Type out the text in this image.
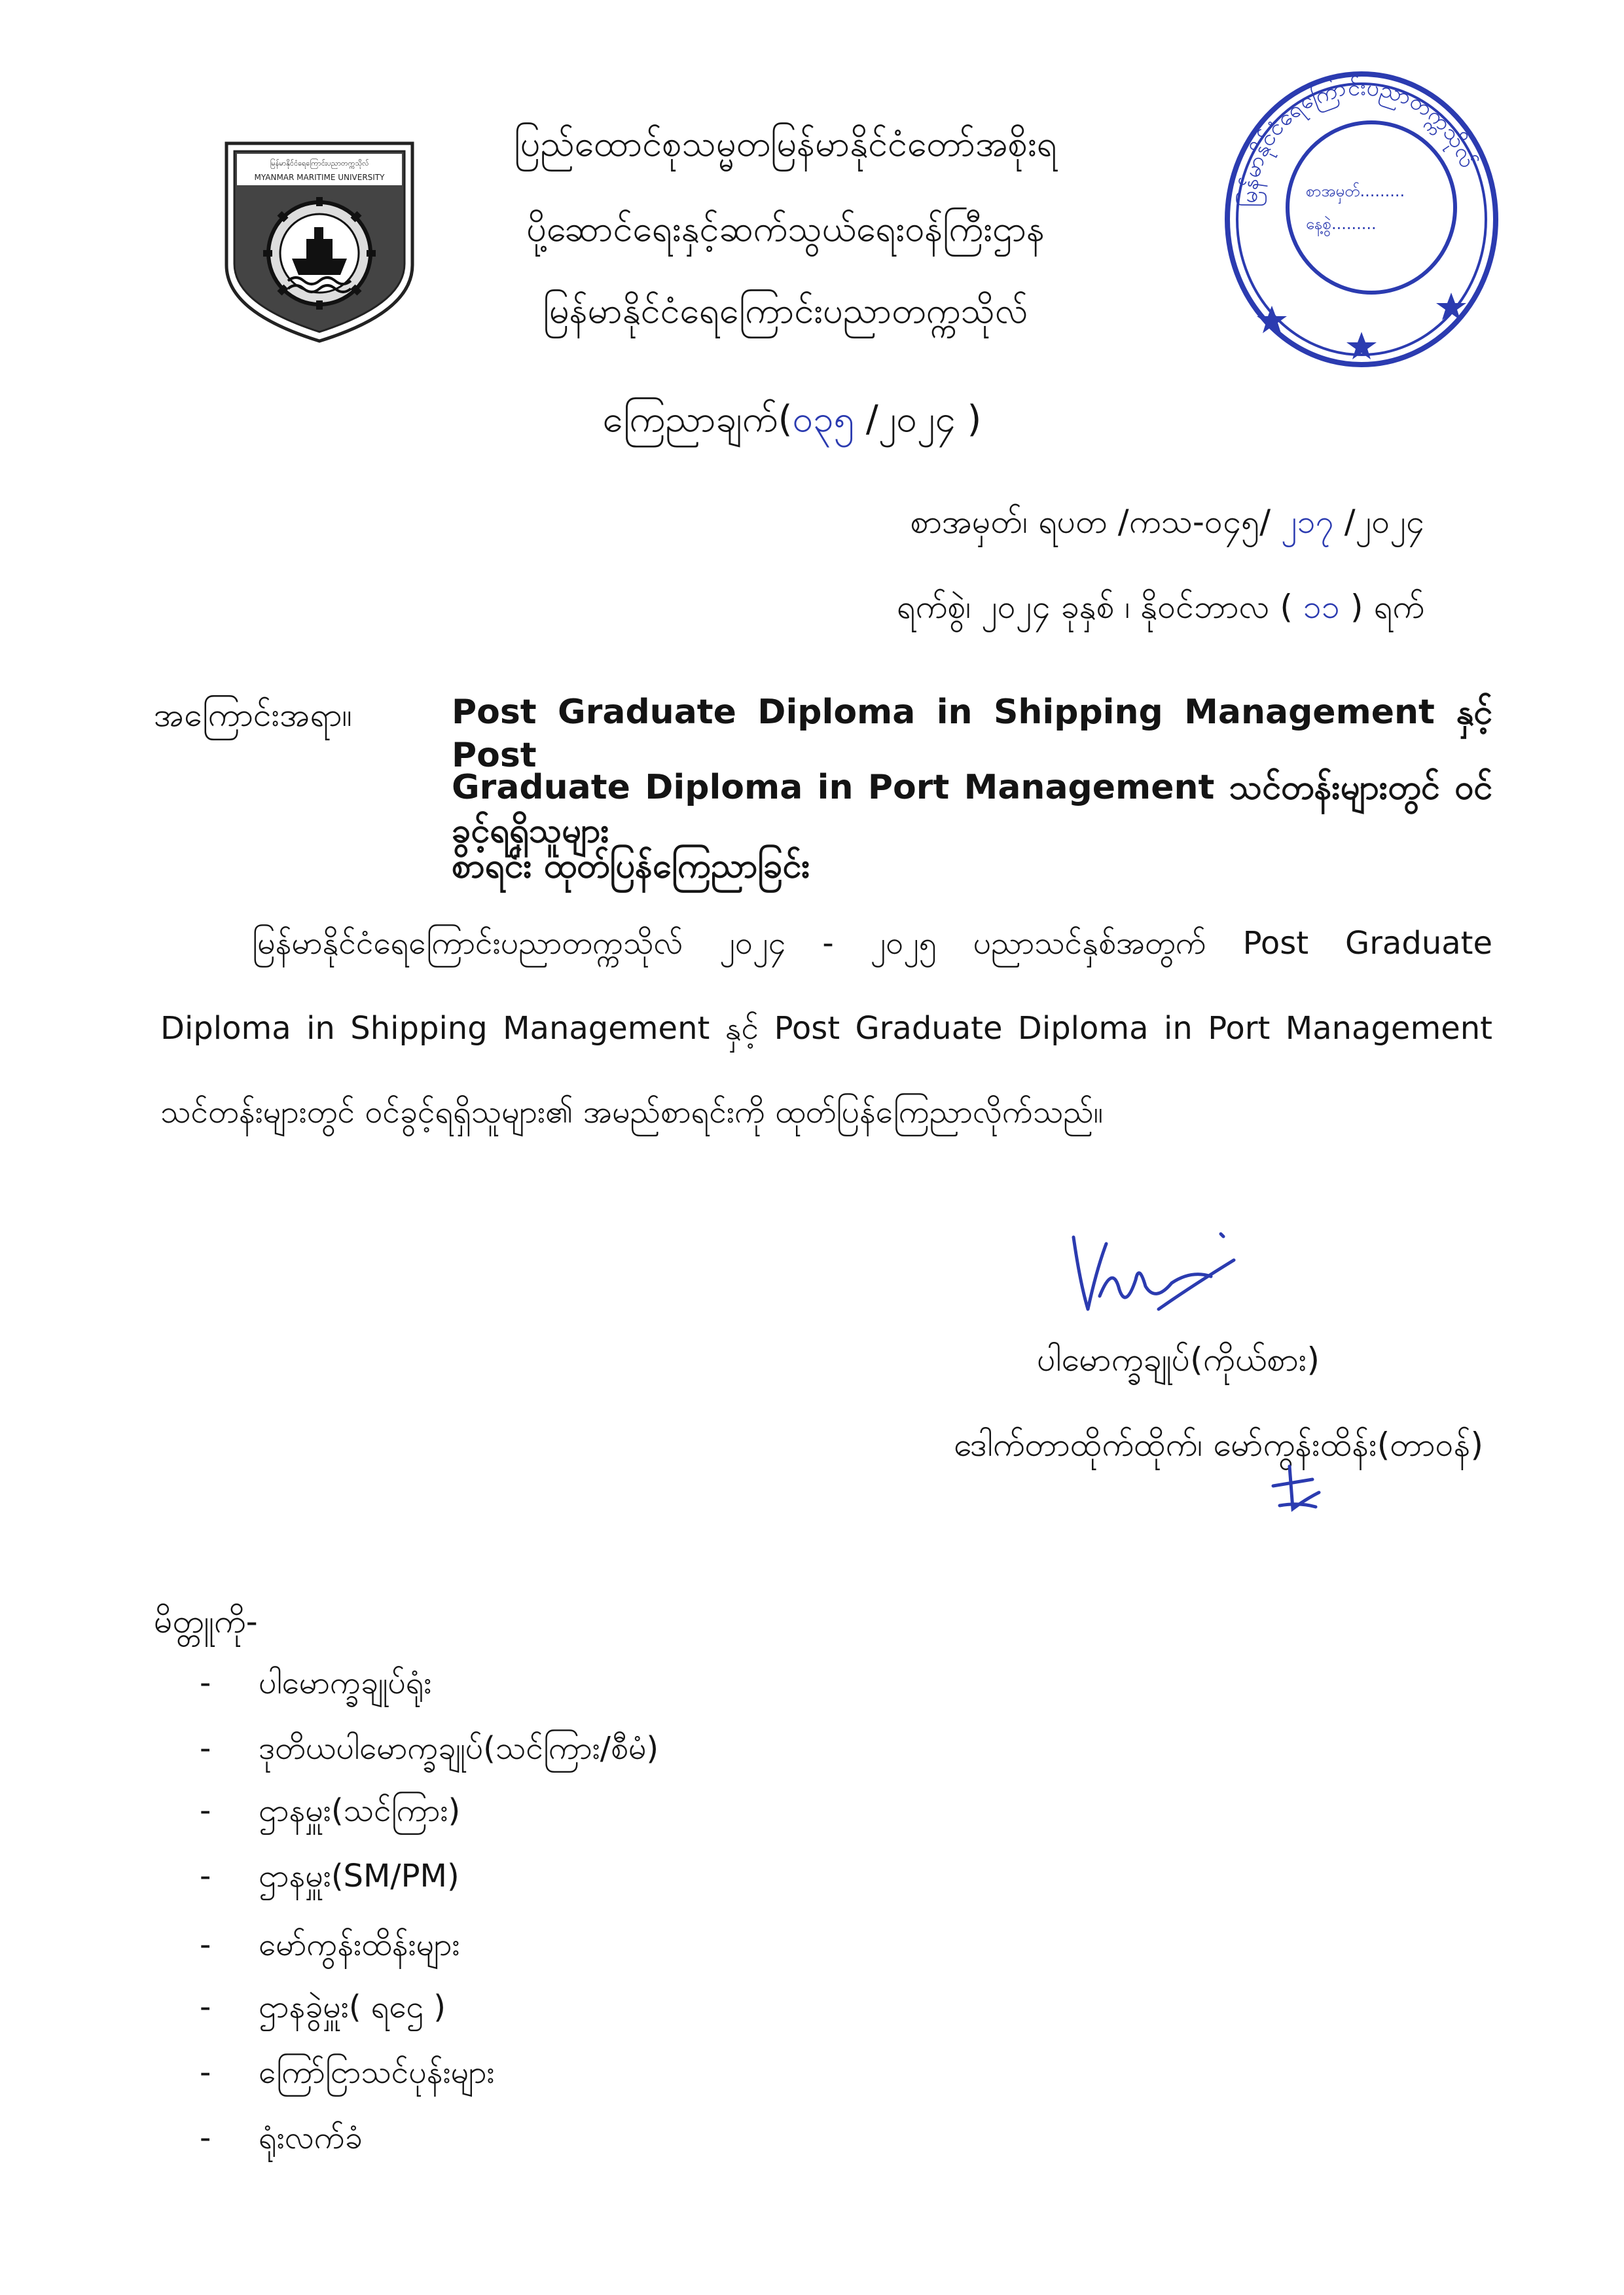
မြန်မာနိုင်ငံရေကြောင်းပညာတက္ကသိုလ်
MYANMAR MARITIME UNIVERSITY
မြန်မာနိုင်ငံရေကြောင်းပညာတက္ကသိုလ်
စာအမှတ်.........
နေ့စွဲ.........
ပြည်ထောင်စုသမ္မတမြန်မာနိုင်ငံတော်အစိုးရ
ပို့ဆောင်ရေးနှင့်ဆက်သွယ်ရေးဝန်ကြီးဌာန
မြန်မာနိုင်ငံရေကြောင်းပညာတက္ကသိုလ်
ကြေညာချက်(၀၃၅ /၂၀၂၄ )
စာအမှတ်၊ ရပတ /ကသ-၀၄၅/ ၂၁၇ /၂၀၂၄
ရက်စွဲ၊ ၂၀၂၄ ခုနှစ် ၊ နိုဝင်ဘာလ ( ၁၁ ) ရက်
အကြောင်းအရာ။	Post Graduate Diploma in Shipping Management နှင့် Post
Graduate Diploma in Port Management သင်တန်းများတွင် ဝင်ခွင့်ရရှိသူများ
စာရင်း ထုတ်ပြန်ကြေညာခြင်း
မြန်မာနိုင်ငံရေကြောင်းပညာတက္ကသိုလ် ၂၀၂၄ - ၂၀၂၅ ပညာသင်နှစ်အတွက် Post Graduate
Diploma in Shipping Management နှင့် Post Graduate Diploma in Port Management
သင်တန်းများတွင် ဝင်ခွင့်ရရှိသူများ၏ အမည်စာရင်းကို ထုတ်ပြန်ကြေညာလိုက်သည်။
ပါမောက္ခချုပ်(ကိုယ်စား)
ဒေါက်တာထိုက်ထိုက်၊ မော်ကွန်းထိန်း(တာဝန်)
မိတ္တူကို-
- ပါမောက္ခချုပ်ရုံး
- ဒုတိယပါမောက္ခချုပ်(သင်ကြား/စီမံ)
- ဌာနမှူး(သင်ကြား)
- ဌာနမှူး(SM/PM)
- မော်ကွန်းထိန်းများ
- ဌာနခွဲမှူး( ရဌေ )
- ကြော်ငြာသင်ပုန်းများ
- ရုံးလက်ခံ
